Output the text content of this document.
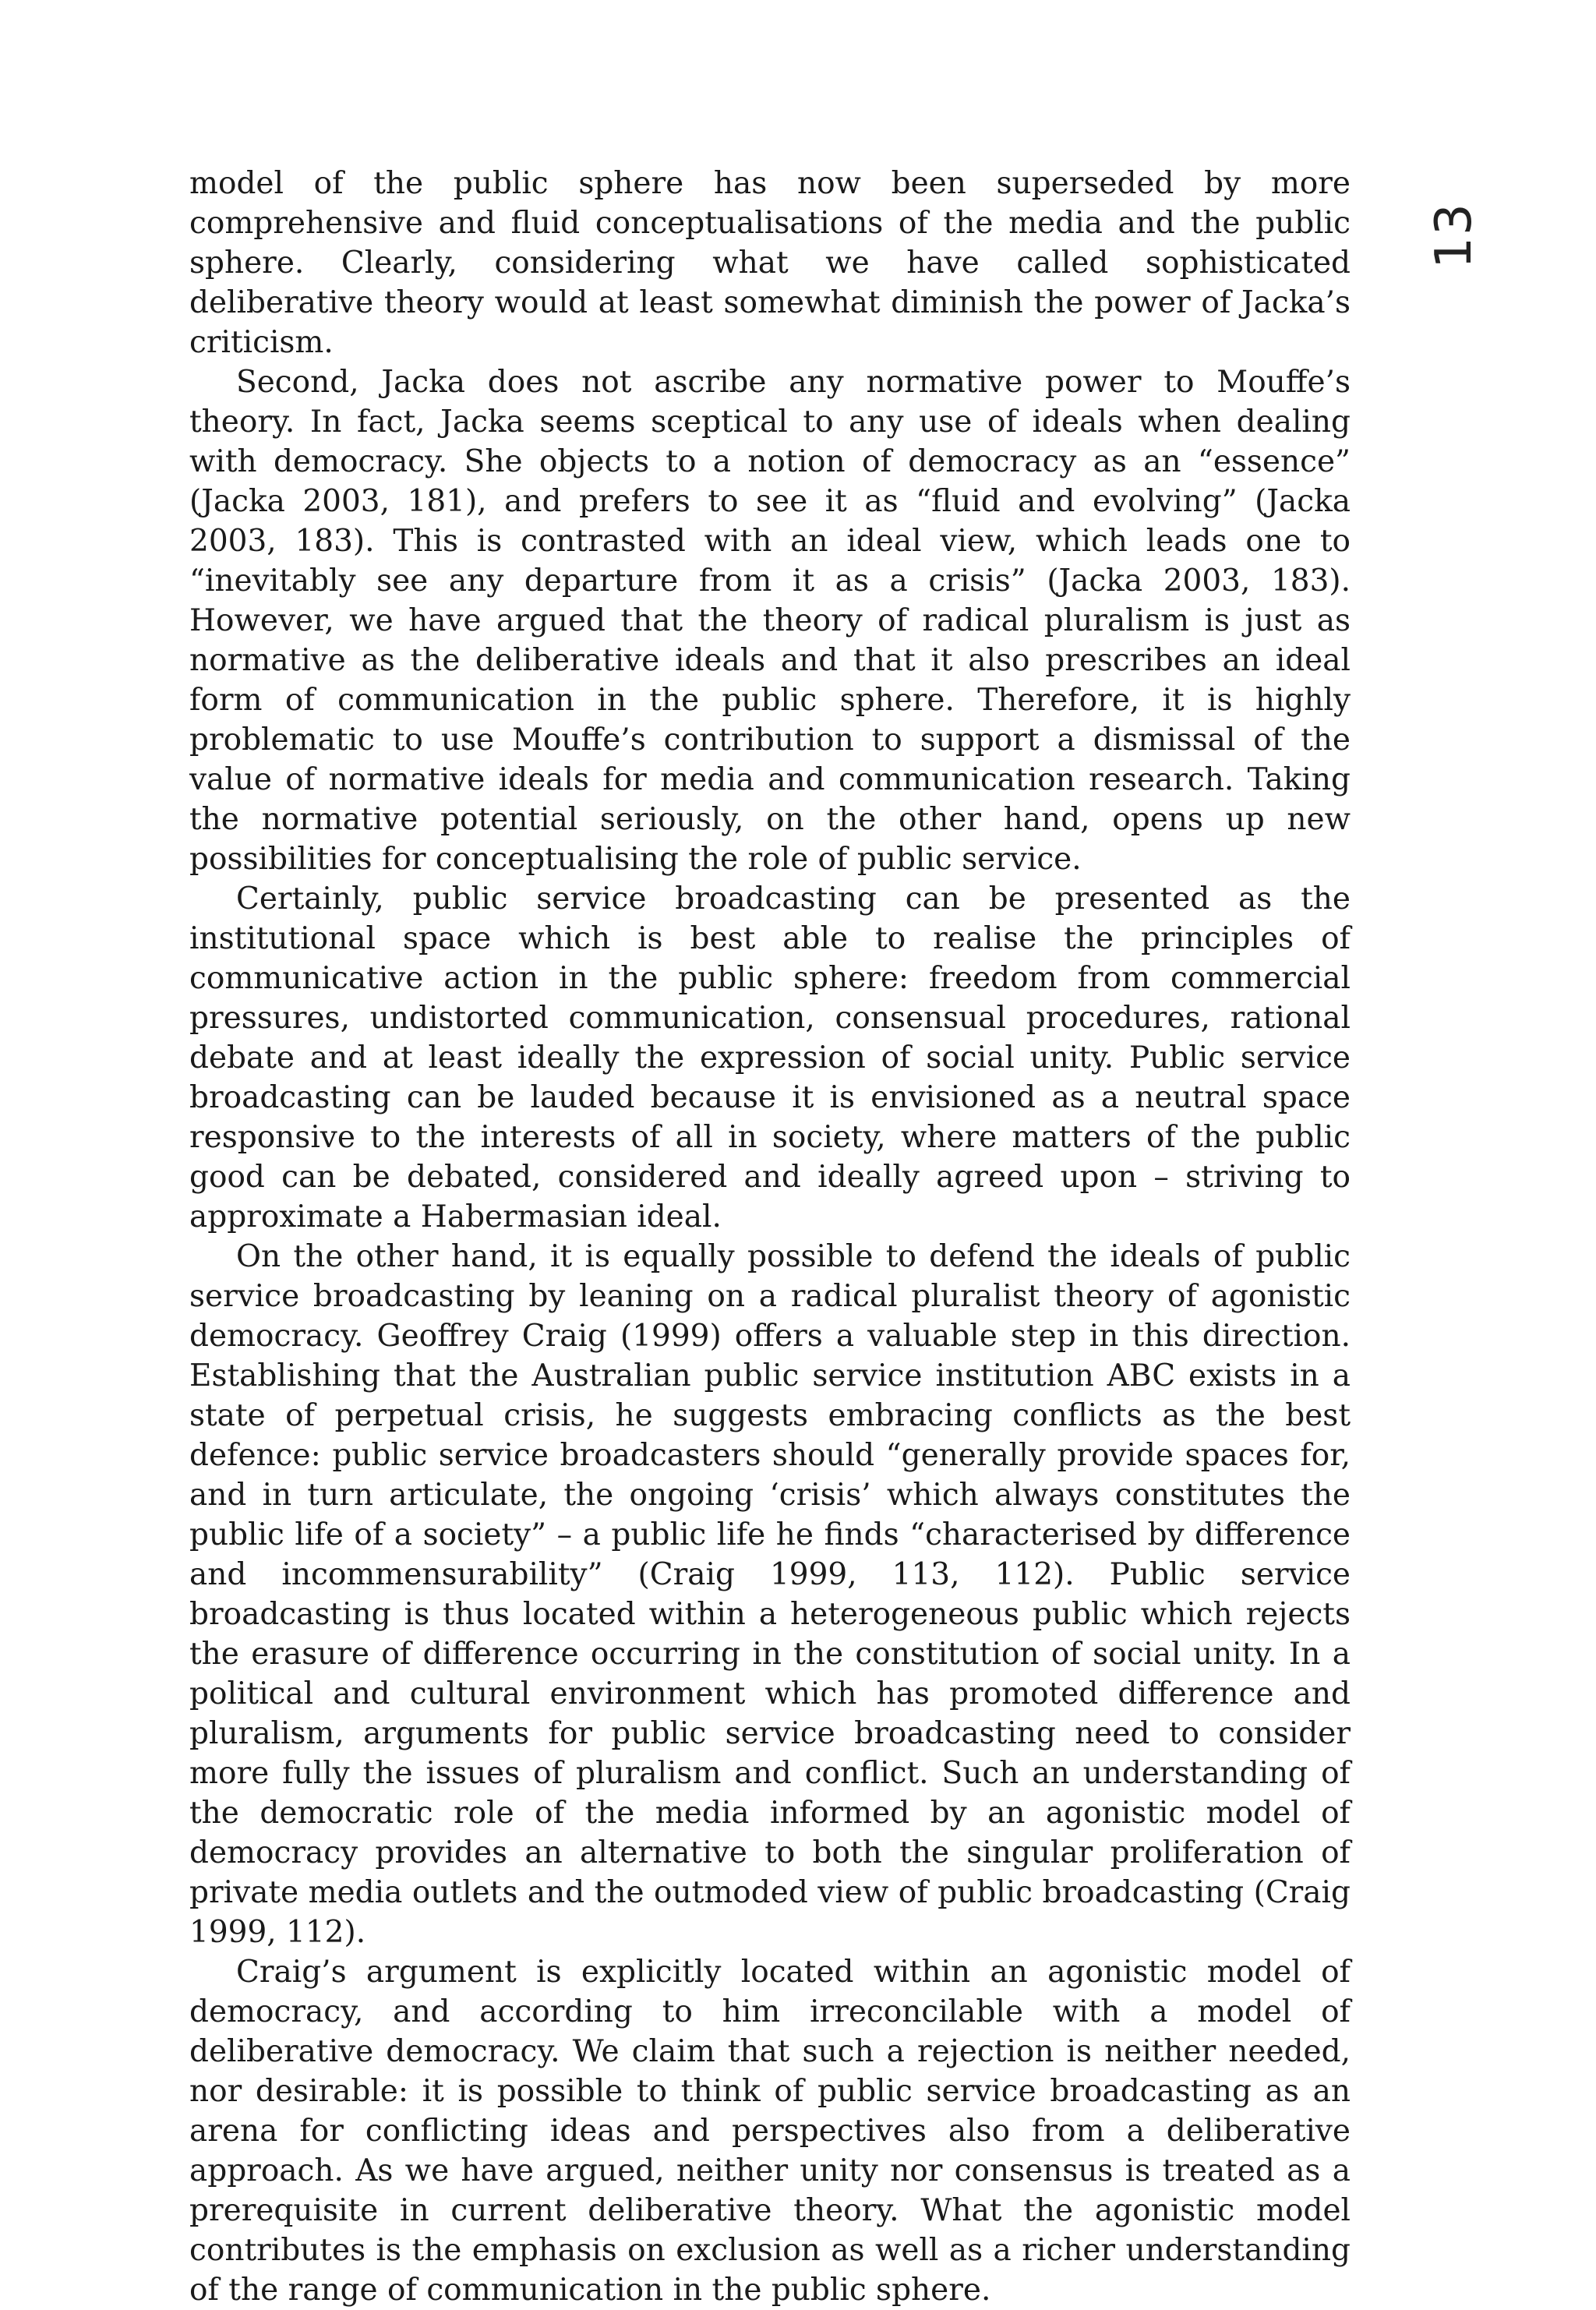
13

model of the public sphere has now been superseded by more comprehensive and fluid conceptualisations of the media and the public sphere. Clearly, considering what we have called sophisticated deliberative theory would at least somewhat diminish the power of Jacka’s criticism.

Second, Jacka does not ascribe any normative power to Mouffe’s theory. In fact, Jacka seems sceptical to any use of ideals when dealing with democracy. She objects to a notion of democracy as an “essence” (Jacka 2003, 181), and prefers to see it as “fluid and evolving” (Jacka 2003, 183). This is contrasted with an ideal view, which leads one to “inevitably see any departure from it as a crisis” (Jacka 2003, 183). However, we have argued that the theory of radical pluralism is just as normative as the deliberative ideals and that it also prescribes an ideal form of communication in the public sphere. Therefore, it is highly problematic to use Mouffe’s contribution to support a dismissal of the value of normative ideals for media and communication research. Taking the normative potential seriously, on the other hand, opens up new possibilities for conceptualising the role of public service.

Certainly, public service broadcasting can be presented as the institutional space which is best able to realise the principles of communicative action in the public sphere: freedom from commercial pressures, undistorted communication, consensual procedures, rational debate and at least ideally the expression of social unity. Public service broadcasting can be lauded because it is envisioned as a neutral space responsive to the interests of all in society, where matters of the public good can be debated, considered and ideally agreed upon – striving to approximate a Habermasian ideal.

On the other hand, it is equally possible to defend the ideals of public service broadcasting by leaning on a radical pluralist theory of agonistic democracy. Geoffrey Craig (1999) offers a valuable step in this direction. Establishing that the Australian public service institution ABC exists in a state of perpetual crisis, he suggests embracing conflicts as the best defence: public service broadcasters should “generally provide spaces for, and in turn articulate, the ongoing ‘crisis’ which always constitutes the public life of a society” – a public life he finds “characterised by difference and incommensurability” (Craig 1999, 113, 112). Public service broadcasting is thus located within a heterogeneous public which rejects the erasure of difference occurring in the constitution of social unity. In a political and cultural environment which has promoted difference and pluralism, arguments for public service broadcasting need to consider more fully the issues of pluralism and conflict. Such an understanding of the democratic role of the media informed by an agonistic model of democracy provides an alternative to both the singular proliferation of private media outlets and the outmoded view of public broadcasting (Craig 1999, 112).

Craig’s argument is explicitly located within an agonistic model of democracy, and according to him irreconcilable with a model of deliberative democracy. We claim that such a rejection is neither needed, nor desirable: it is possible to think of public service broadcasting as an arena for conflicting ideas and perspectives also from a deliberative approach. As we have argued, neither unity nor consensus is treated as a prerequisite in current deliberative theory. What the agonistic model contributes is the emphasis on exclusion as well as a richer understanding of the range of communication in the public sphere.
